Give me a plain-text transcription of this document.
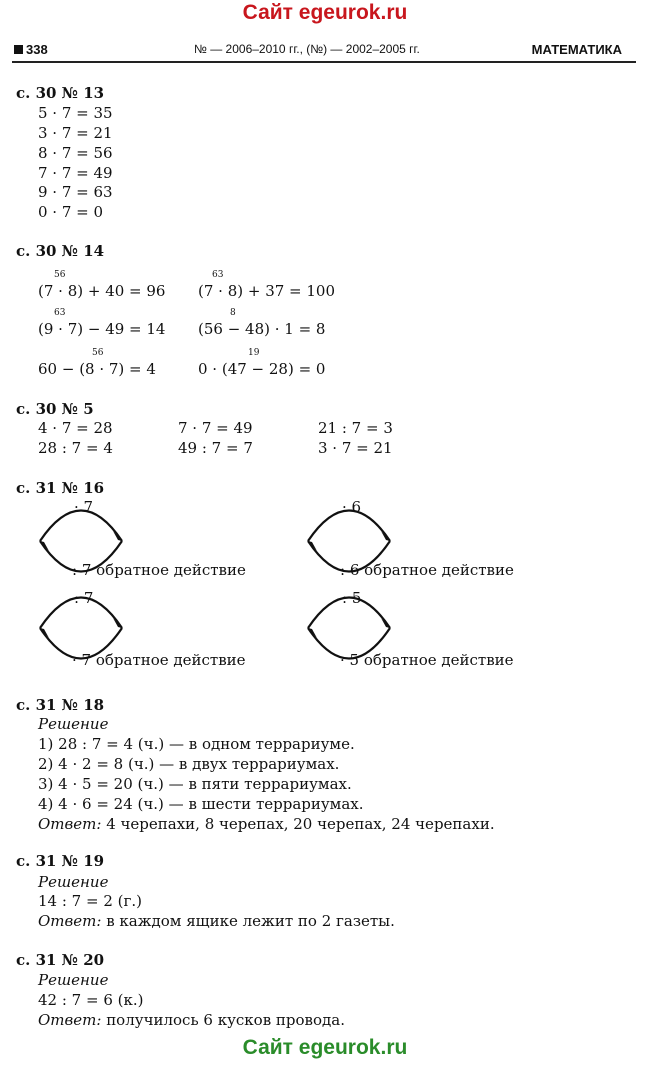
Сайт egeurok.ru
338	№ — 2006–2010 гг., (№) — 2002–2005 гг.	МАТЕМАТИКА
с. 30 № 13
5 · 7 = 35
3 · 7 = 21
8 · 7 = 56
7 · 7 = 49
9 · 7 = 63
0 · 7 = 0
с. 30 № 14
56
(7 · 8) + 40 = 96
63
(7 · 8) + 37 = 100
63
(9 · 7) − 49 = 14
8
(56 − 48) · 1 = 8
56
60 − (8 · 7) = 4
19
0 · (47 − 28) = 0
с. 30 № 5
4 · 7 = 28
28 : 7 = 4
7 · 7 = 49
49 : 7 = 7
21 : 7 = 3
3 · 7 = 21
с. 31 № 16
· 7
: 7 обратное действие
· 6
: 6 обратное действие
: 7
· 7 обратное действие
: 5
· 5 обратное действие
с. 31 № 18
Решение
1) 28 : 7 = 4 (ч.) — в одном террариуме.
2) 4 · 2 = 8 (ч.) — в двух террариумах.
3) 4 · 5 = 20 (ч.) — в пяти террариумах.
4) 4 · 6 = 24 (ч.) — в шести террариумах.
Ответ: 4 черепахи, 8 черепах, 20 черепах, 24 черепахи.
с. 31 № 19
Решение
14 : 7 = 2 (г.)
Ответ: в каждом ящике лежит по 2 газеты.
с. 31 № 20
Решение
42 : 7 = 6 (к.)
Ответ: получилось 6 кусков провода.
Сайт egeurok.ru
